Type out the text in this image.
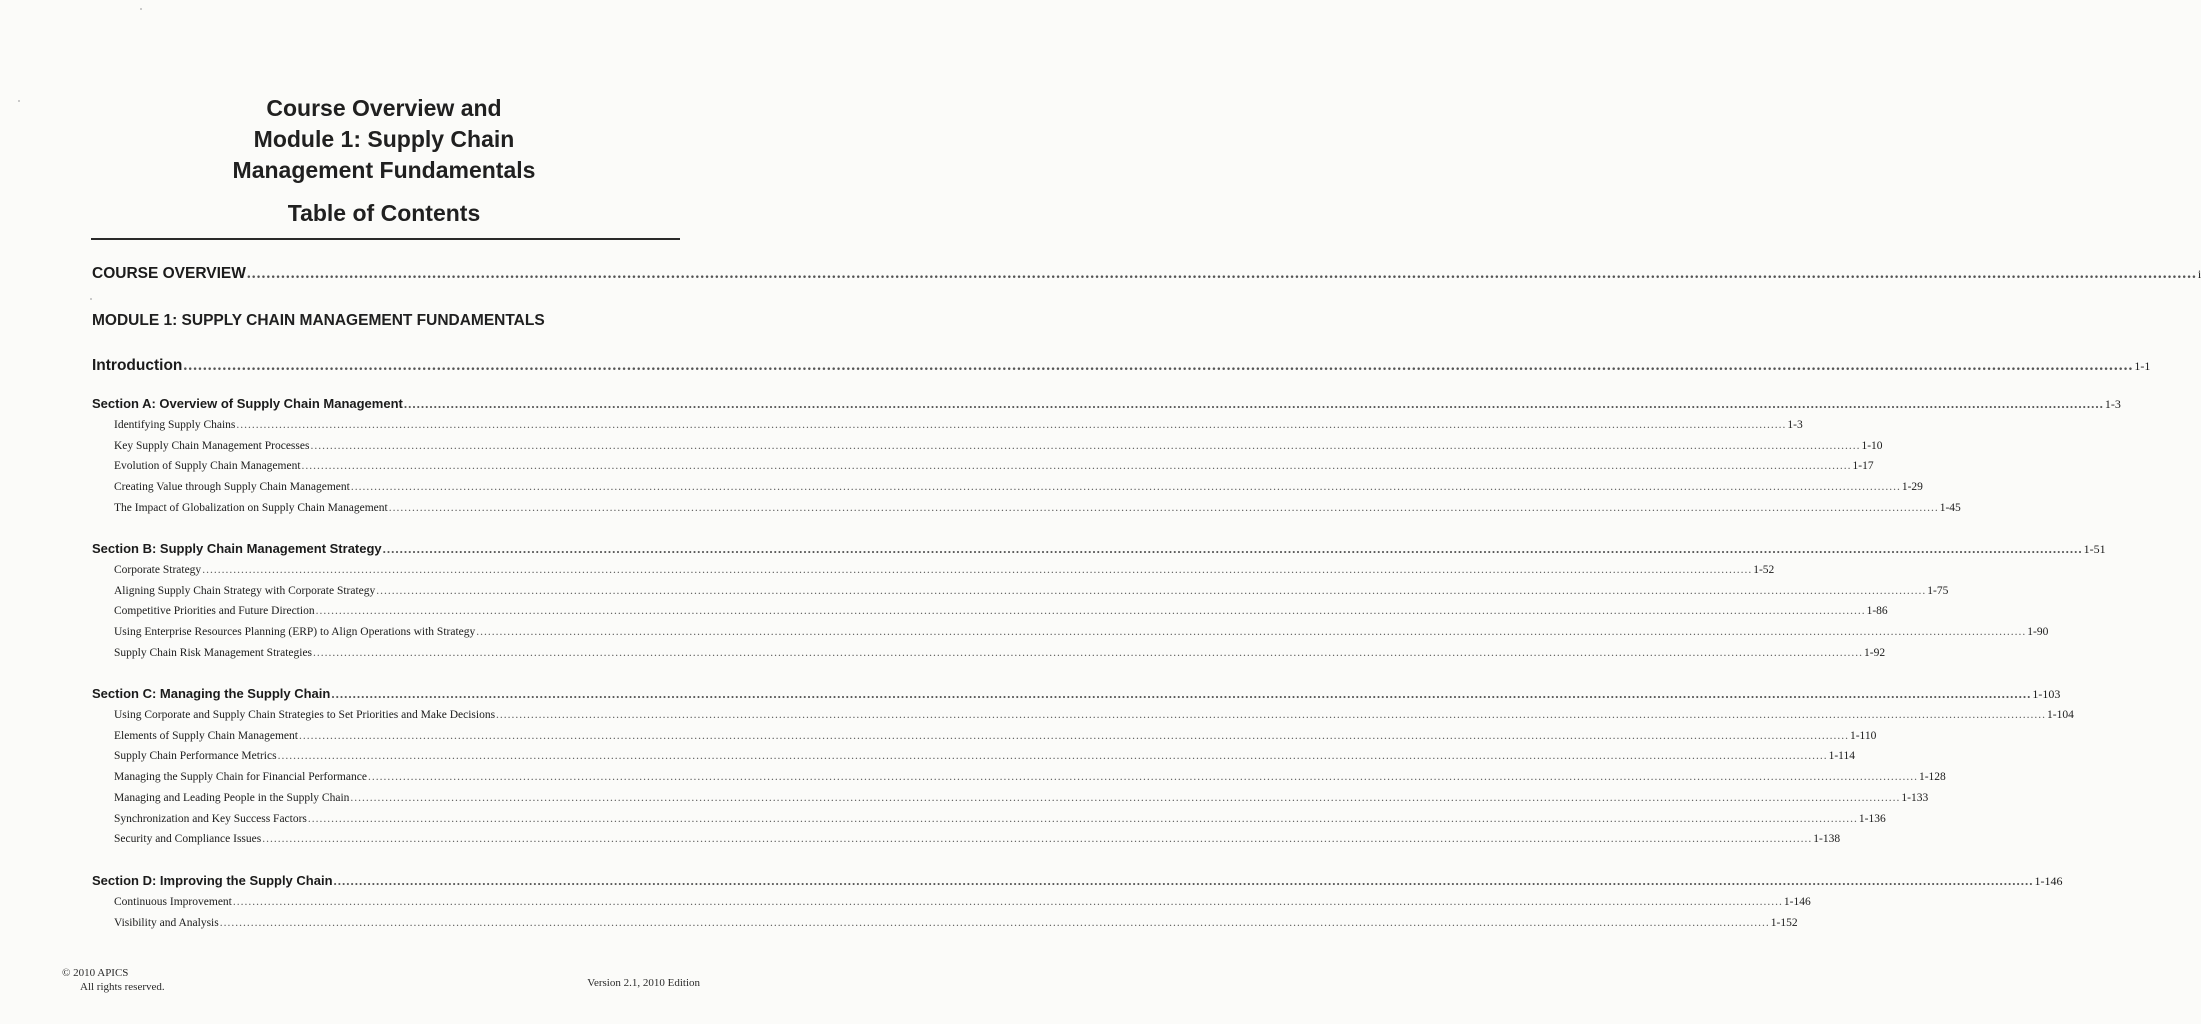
Course Overview and
Module 1: Supply Chain
Management Fundamentals
Table of Contents
MODULE 1: SUPPLY CHAIN MANAGEMENT FUNDAMENTALS
COURSE OVERVIEW ................................................................................................................................................................................................................................................................................................................................................................................................................ i
Introduction ................................................................................................................................................................................................................................................................................................................................................................................................................ 1-1
Section A: Overview of Supply Chain Management ................................................................................................................................................................................................................................................................................................................................................................................................................ 1-3
Identifying Supply Chains ................................................................................................................................................................................................................................................................................................................................................................................................................ 1-3
Key Supply Chain Management Processes ................................................................................................................................................................................................................................................................................................................................................................................................................ 1-10
Evolution of Supply Chain Management ................................................................................................................................................................................................................................................................................................................................................................................................................ 1-17
Creating Value through Supply Chain Management ................................................................................................................................................................................................................................................................................................................................................................................................................ 1-29
The Impact of Globalization on Supply Chain Management ................................................................................................................................................................................................................................................................................................................................................................................................................ 1-45
Section B: Supply Chain Management Strategy ................................................................................................................................................................................................................................................................................................................................................................................................................ 1-51
Corporate Strategy ................................................................................................................................................................................................................................................................................................................................................................................................................ 1-52
Aligning Supply Chain Strategy with Corporate Strategy ................................................................................................................................................................................................................................................................................................................................................................................................................ 1-75
Competitive Priorities and Future Direction ................................................................................................................................................................................................................................................................................................................................................................................................................ 1-86
Using Enterprise Resources Planning (ERP) to Align Operations with Strategy ................................................................................................................................................................................................................................................................................................................................................................................................................ 1-90
Supply Chain Risk Management Strategies ................................................................................................................................................................................................................................................................................................................................................................................................................ 1-92
Section C: Managing the Supply Chain ................................................................................................................................................................................................................................................................................................................................................................................................................ 1-103
Using Corporate and Supply Chain Strategies to Set Priorities and Make Decisions ................................................................................................................................................................................................................................................................................................................................................................................................................ 1-104
Elements of Supply Chain Management ................................................................................................................................................................................................................................................................................................................................................................................................................ 1-110
Supply Chain Performance Metrics ................................................................................................................................................................................................................................................................................................................................................................................................................ 1-114
Managing the Supply Chain for Financial Performance ................................................................................................................................................................................................................................................................................................................................................................................................................ 1-128
Managing and Leading People in the Supply Chain ................................................................................................................................................................................................................................................................................................................................................................................................................ 1-133
Synchronization and Key Success Factors ................................................................................................................................................................................................................................................................................................................................................................................................................ 1-136
Security and Compliance Issues ................................................................................................................................................................................................................................................................................................................................................................................................................ 1-138
Section D: Improving the Supply Chain ................................................................................................................................................................................................................................................................................................................................................................................................................ 1-146
Continuous Improvement ................................................................................................................................................................................................................................................................................................................................................................................................................ 1-146
Visibility and Analysis ................................................................................................................................................................................................................................................................................................................................................................................................................ 1-152
© 2010 APICS
All rights reserved.	Version 2.1, 2010 Edition
